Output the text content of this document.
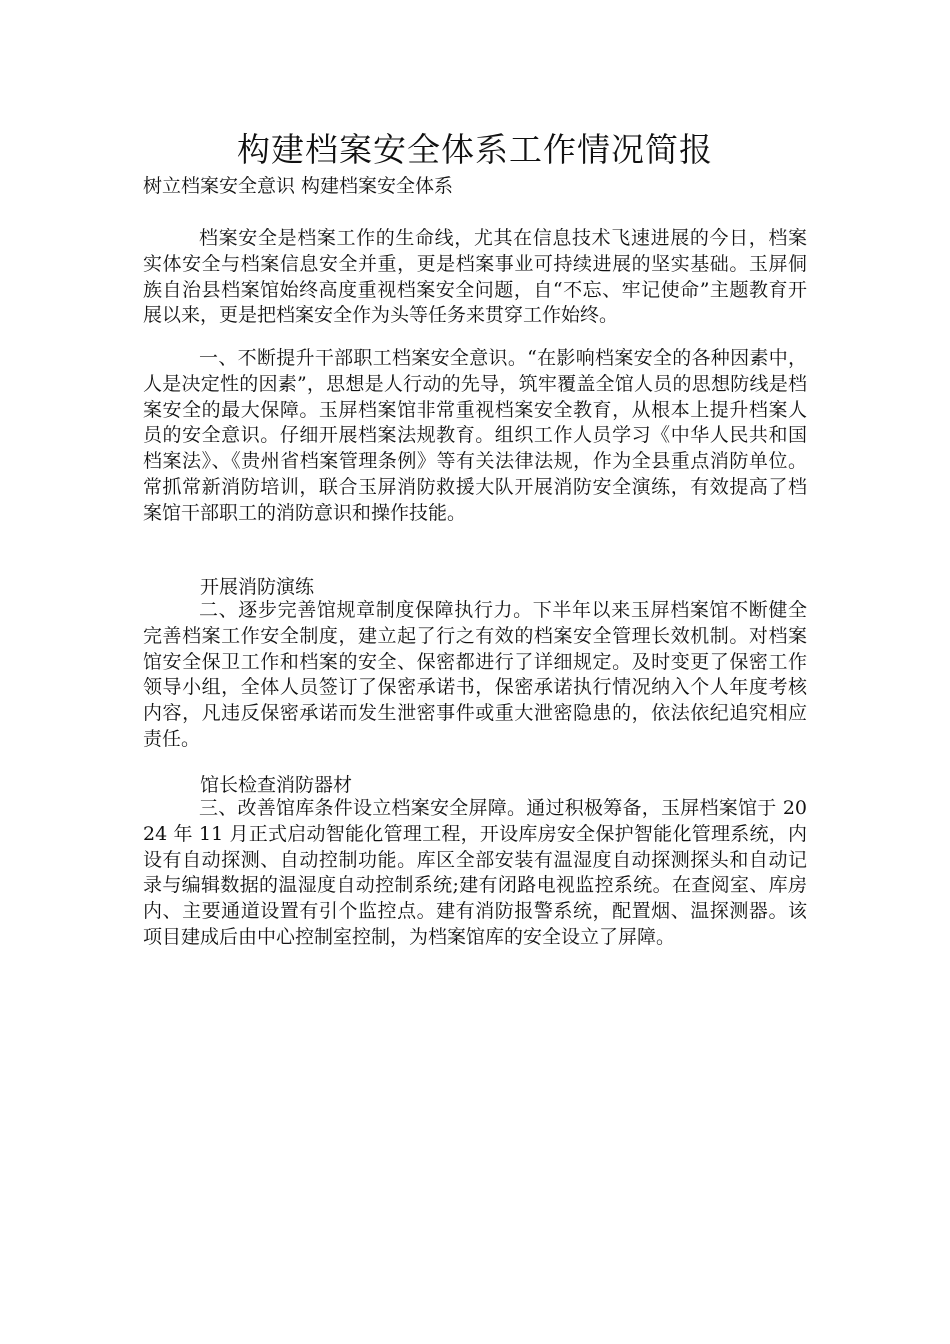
构建档案安全体系工作情况简报

树立档案安全意识 构建档案安全体系

档案安全是档案工作的生命线，尤其在信息技术飞速进展的今日，档案实体安全与档案信息安全并重，更是档案事业可持续进展的坚实基础。玉屏侗族自治县档案馆始终高度重视档案安全问题，自“不忘、牢记使命”主题教育开展以来，更是把档案安全作为头等任务来贯穿工作始终。

一、不断提升干部职工档案安全意识。“在影响档案安全的各种因素中，人是决定性的因素”，思想是人行动的先导，筑牢覆盖全馆人员的思想防线是档案安全的最大保障。玉屏档案馆非常重视档案安全教育，从根本上提升档案人员的安全意识。仔细开展档案法规教育。组织工作人员学习《中华人民共和国档案法》、《贵州省档案管理条例》等有关法律法规，作为全县重点消防单位。常抓常新消防培训，联合玉屏消防救援大队开展消防安全演练，有效提高了档案馆干部职工的消防意识和操作技能。

开展消防演练

二、逐步完善馆规章制度保障执行力。下半年以来玉屏档案馆不断健全完善档案工作安全制度，建立起了行之有效的档案安全管理长效机制。对档案馆安全保卫工作和档案的安全、保密都进行了详细规定。及时变更了保密工作领导小组，全体人员签订了保密承诺书，保密承诺执行情况纳入个人年度考核内容，凡违反保密承诺而发生泄密事件或重大泄密隐患的，依法依纪追究相应责任。

馆长检查消防器材

三、改善馆库条件设立档案安全屏障。通过积极筹备，玉屏档案馆于 2024 年 11 月正式启动智能化管理工程，开设库房安全保护智能化管理系统，内设有自动探测、自动控制功能。库区全部安装有温湿度自动探测探头和自动记录与编辑数据的温湿度自动控制系统;建有闭路电视监控系统。在查阅室、库房内、主要通道设置有引个监控点。建有消防报警系统，配置烟、温探测器。该项目建成后由中心控制室控制，为档案馆库的安全设立了屏障。
